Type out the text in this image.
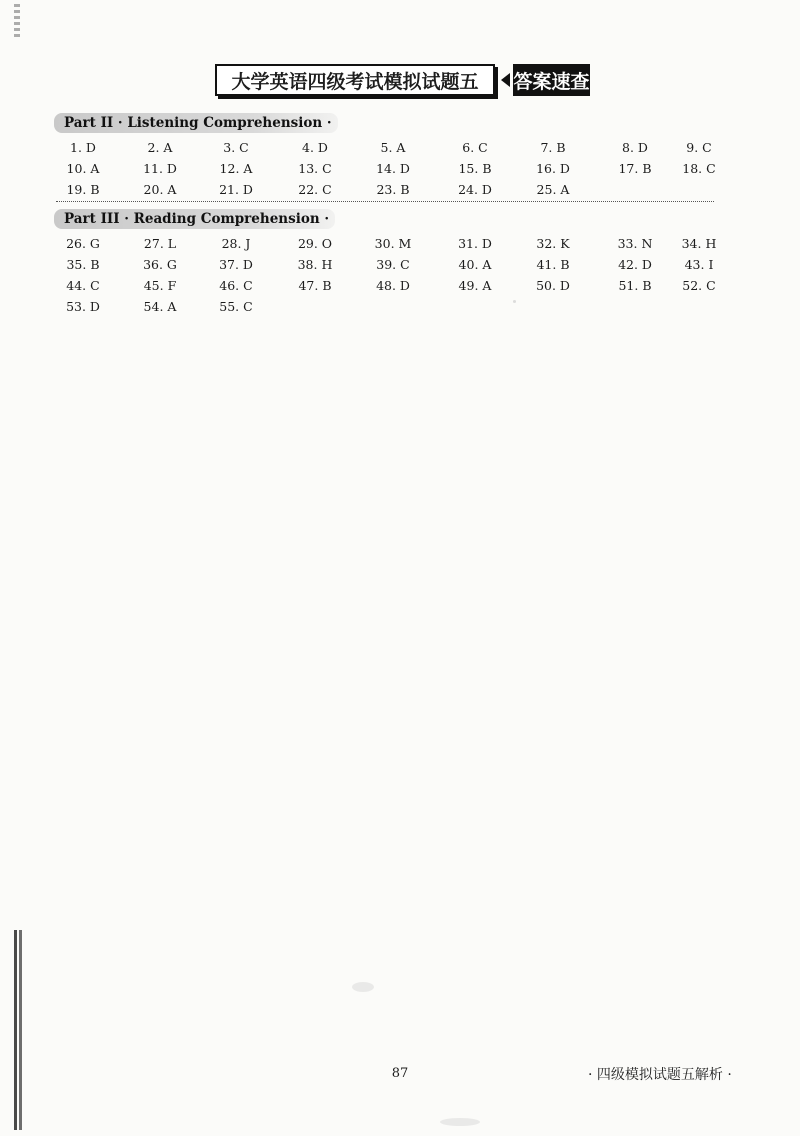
大学英语四级考试模拟试题五	答案速查
Part II · Listening Comprehension ·
1. D	2. A	3. C	4. D	5. A	6. C	7. B	8. D	9. C
10. A	11. D	12. A	13. C	14. D	15. B	16. D	17. B	18. C
19. B	20. A	21. D	22. C	23. B	24. D	25. A
Part III · Reading Comprehension ·
26. G	27. L	28. J	29. O	30. M	31. D	32. K	33. N	34. H
35. B	36. G	37. D	38. H	39. C	40. A	41. B	42. D	43. I
44. C	45. F	46. C	47. B	48. D	49. A	50. D	51. B	52. C
53. D	54. A	55. C
87	· 四级模拟试题五解析 ·
